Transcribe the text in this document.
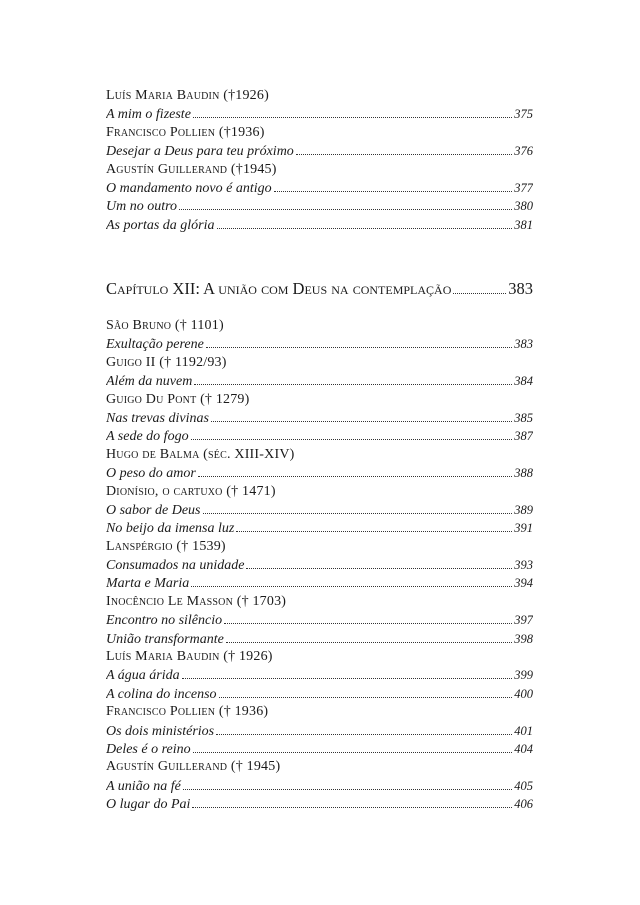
Luís Maria Baudin (†1926)
A mim o fizeste	375
Francisco Pollien (†1936)
Desejar a Deus para teu próximo	376
Agustín Guillerand (†1945)
O mandamento novo é antigo	377
Um no outro	380
As portas da glória	381
Capítulo XII: A união com Deus na contemplação	383
São Bruno († 1101)
Exultação perene	383
Guigo II († 1192/93)
Além da nuvem	384
Guigo Du Pont († 1279)
Nas trevas divinas	385
A sede do fogo	387
Hugo de Balma (séc. XIII-XIV)
O peso do amor	388
Dionísio, o cartuxo († 1471)
O sabor de Deus	389
No beijo da imensa luz	391
Lanspérgio († 1539)
Consumados na unidade	393
Marta e Maria	394
Inocêncio Le Masson († 1703)
Encontro no silêncio	397
União transformante	398
Luís Maria Baudin († 1926)
A água árida	399
A colina do incenso	400
Francisco Pollien († 1936)
Os dois ministérios	401
Deles é o reino	404
Agustín Guillerand († 1945)
A união na fé	405
O lugar do Pai	406
